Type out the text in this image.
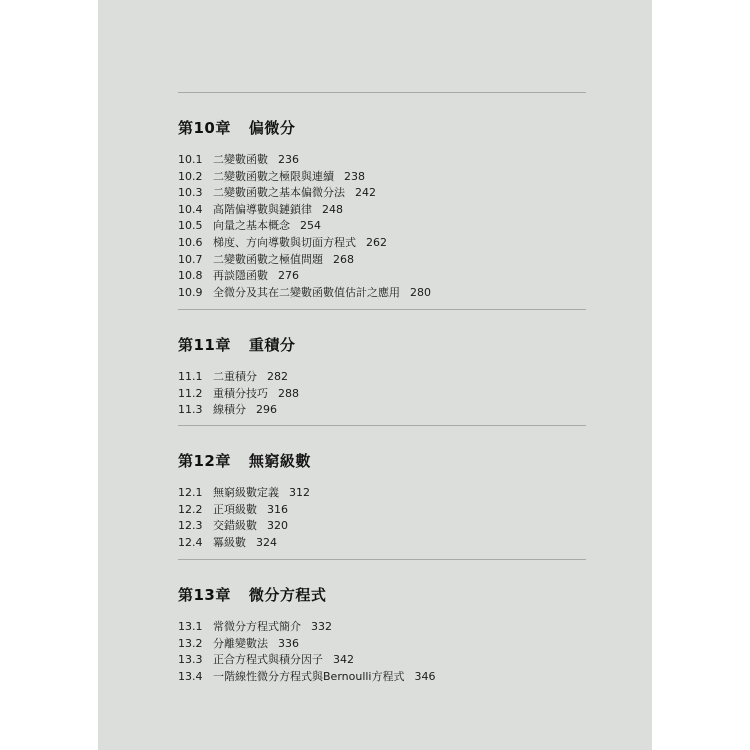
第10章 偏微分
10.1 二變數函數 236
10.2 二變數函數之極限與連續 238
10.3 二變數函數之基本偏微分法 242
10.4 高階偏導數與鏈鎖律 248
10.5 向量之基本概念 254
10.6 梯度、方向導數與切面方程式 262
10.7 二變數函數之極值問題 268
10.8 再談隱函數 276
10.9 全微分及其在二變數函數值估計之應用 280
第11章 重積分
11.1 二重積分 282
11.2 重積分技巧 288
11.3 線積分 296
第12章 無窮級數
12.1 無窮級數定義 312
12.2 正項級數 316
12.3 交錯級數 320
12.4 冪級數 324
第13章 微分方程式
13.1 常微分方程式簡介 332
13.2 分離變數法 336
13.3 正合方程式與積分因子 342
13.4 一階線性微分方程式與Bernoulli方程式 346
